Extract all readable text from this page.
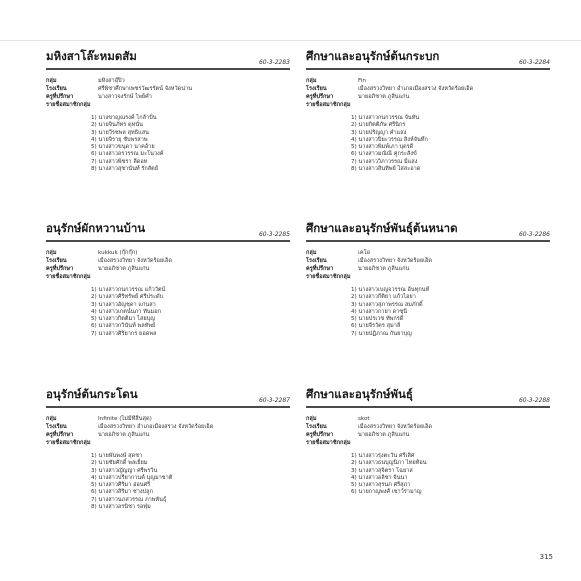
มหิงสาโล๊ะหมดสัม	60-3-2283
กลุ่ม	มหิงสาอุ๊ปิว
โรงเรียน	ศรีพิชาศึกษาเพชรวัฒรรัตน์ จังหวัดน่าน
ครูที่ปรึกษา	นางสาวจงรักษ์ ไพย์คำ
รายชื่อสมาชิกกลุ่ม
1) นางขาญณรงค์ ไกล้าปั่น
2) นายจินภัทร ดุหนั่น
3) นายวีรชพล สุทธิแสน
4) นายจิรายุ ชับพรสาพ
5) นางสาวขนุดา นาคอ้าย
6) นางสาวอรวรรณ มะโนวงค์
7) นางสาวพิชรา ลีดอท
8) นางสาวสุชานันท์ รักสัตย์
ศึกษาและอนุรักษ์ต้นกระบก	60-3-2284
กลุ่ม	Fin
โรงเรียน	เมืองสรวงวิทยา อำเภอเมืองสรวง จังหวัดร้อยเอ็ด
ครูที่ปรึกษา	นายอภิชาต ภูสินแก่น
รายชื่อสมาชิกกลุ่ม
1) นางสาวกนกวรรณ จันทัน
2) นายกิตติภัษ ศรีนิกร
3) นายปริญญา คำแสง
4) นางสาวปิยะวรรณ สิงห์จันทึก
5) นางสาวพิมพ์เภา บุดรดี
6) นางสาวมณิณี คู่กระสังข์
7) นางสาววิภาวรรณ มีแสง
8) นางสาวสินทิพย์ ไสสะอาด
อนุรักษ์ผักหวานบ้าน	60-3-2285
กลุ่ม	kukkuk (กุ๊กกุ๊ก)
โรงเรียน	เมืองสรวงวิทยา จังหวัดร้อยเอ็ด
ครูที่ปรึกษา	นายอภิชาต ภูสินแก่น
รายชื่อสมาชิกกลุ่ม
1) นางสาวกนกวรรณ แก้ววัตน์
2) นางสาวศิริทรัพย์ ศรีประดับ
3) นางสาวอัญชุดา แก่นสา
4) นางสาวเกตน์นภา ทันมอก
5) นางสาวกิตติมา ไสยบุญ
6) นางสาวกวินันท์ พลทัพย์
7) นางสาวศิริยากร ยอดพล
ศึกษาและอนุรักษ์พันธุ์ต้นหนาด	60-3-2286
กลุ่ม	เคโอ
โรงเรียน	เมืองสรวงวิทยา จังหวัดร้อยเอ็ด
ครูที่ปรึกษา	นายอภิชาต ภูสินแก่น
รายชื่อสมาชิกกลุ่ม
1) นางสาวเบญจวรรณ อ้นทุกนท์
2) นางสาวกีติยา แก้วไอยา
3) นางสาวสุภาพรรณ สมภักดิ์
4) นางสาวกายา ดาซุนี
5) นายปรเวช ทัพกรดี
6) นายจีรวัตร สุมาลี
7) นายปฏิภาณ กันยาบุญ
อนุรักษ์ต้นกระโดน	60-3-2287
กลุ่ม	Infinite (ไม่มีที่สิ้นสุด)
โรงเรียน	เมืองสรวงวิทยา อำเภอเมืองสรวง จังหวัดร้อยเอ็ด
ครูที่ปรึกษา	นายอภิชาต ภูสินแก่น
รายชื่อสมาชิกกลุ่ม
1) นายพันพงษ์ สุดชา
2) นายชัยศักดิ์ พลเยี่ยม
3) นางสาวญัญญา ศรีพรวิน
4) นางสาวปรียากานต์ บุญมาชาติ
5) นางสาวศิริมา อ่อนศรี
6) นางสาวสิริมา ช่างปลูก
7) นางสาวนภสวรรณ ภาพพันธุ์
8) นางสาวอรนิชา รอฟุ่ม
ศึกษาและอนุรักษ์พันธุ์	60-3-2288
กลุ่ม	skot
โรงเรียน	เมืองสรวงวิทยา จังหวัดร้อยเอ็ด
ครูที่ปรึกษา	นายอภิชาต ภูสินแก่น
รายชื่อสมาชิกกลุ่ม
1) นางสาวรุ่งตะวัน ศรีเสิศ
2) นางสาวธนบุญนิภา ไทยท้อน
3) นางสาวสุจิตรา โฉยาส
4) นางสาวอลิชา จินนา
5) นางสาวสุรนภ ศรีสุภา
6) นายกาญพงศ์ เชาว์ร่ามาญ
315
